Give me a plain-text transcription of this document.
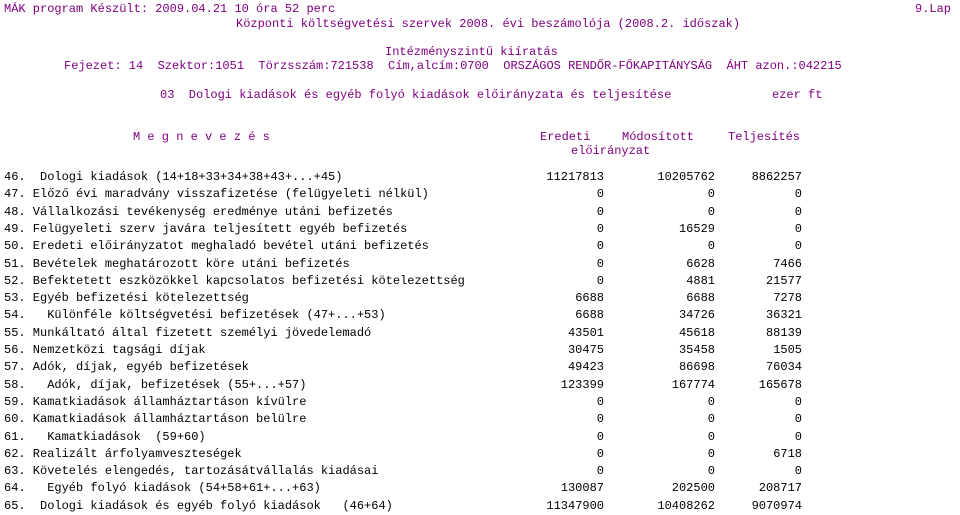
MÁK program Készült: 2009.04.21 10 óra 52 perc	9.Lap
Központi költségvetési szervek 2008. évi beszámolója (2008.2. időszak)
Intézményszintű kiíratás
Fejezet: 14  Szektor:1051  Törzsszám:721538  Cím,alcím:0700  ORSZÁGOS RENDŐR-FŐKAPITÁNYSÁG  ÁHT azon.:042215
03  Dologi kiadások és egyéb folyó kiadások előirányzata és teljesítése	ezer ft
M e g n e v e z é s	Eredeti	Módosított	Teljesítés
előirányzat
46.  Dologi kiadások (14+18+33+34+38+43+...+45)	11217813	10205762	8862257
47. Előző évi maradvány visszafizetése (felügyeleti nélkül)	0	0	0
48. Vállalkozási tevékenység eredménye utáni befizetés	0	0	0
49. Felügyeleti szerv javára teljesített egyéb befizetés	0	16529	0
50. Eredeti előirányzatot meghaladó bevétel utáni befizetés	0	0	0
51. Bevételek meghatározott köre utáni befizetés	0	6628	7466
52. Befektetett eszközökkel kapcsolatos befizetési kötelezettség	0	4881	21577
53. Egyéb befizetési kötelezettség	6688	6688	7278
54.   Különféle költségvetési befizetések (47+...+53)	6688	34726	36321
55. Munkáltató által fizetett személyi jövedelemadó	43501	45618	88139
56. Nemzetközi tagsági díjak	30475	35458	1505
57. Adók, díjak, egyéb befizetések	49423	86698	76034
58.   Adók, díjak, befizetések (55+...+57)	123399	167774	165678
59. Kamatkiadások államháztartáson kívülre	0	0	0
60. Kamatkiadások államháztartáson belülre	0	0	0
61.   Kamatkiadások  (59+60)	0	0	0
62. Realizált árfolyamveszteségek	0	0	6718
63. Követelés elengedés, tartozásátvállalás kiadásai	0	0	0
64.   Egyéb folyó kiadások (54+58+61+...+63)	130087	202500	208717
65.  Dologi kiadások és egyéb folyó kiadások   (46+64)	11347900	10408262	9070974
